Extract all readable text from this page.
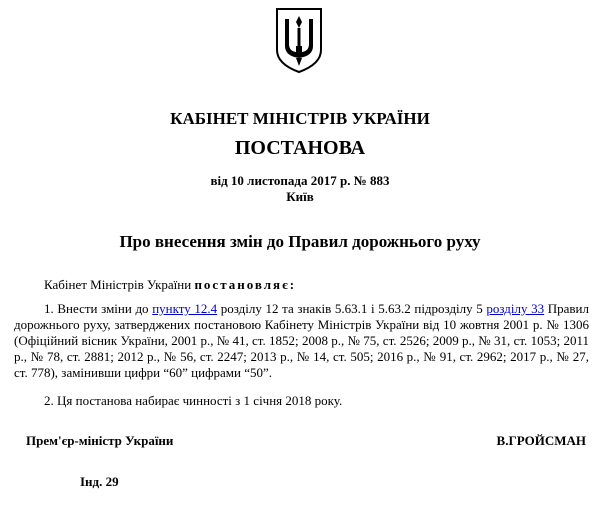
КАБІНЕТ МІНІСТРІВ УКРАЇНИ
ПОСТАНОВА
від 10 листопада 2017 р. № 883
Київ
Про внесення змін до Правил дорожнього руху
Кабінет Міністрів України постановляє:
1. Внести зміни до пункту 12.4 розділу 12 та знаків 5.63.1 і 5.63.2 підрозділу 5 розділу 33 Правил дорожнього руху, затверджених постановою Кабінету Міністрів України від 10 жовтня 2001 р. № 1306 (Офіційний вісник України, 2001 р., № 41, ст. 1852; 2008 р., № 75, ст. 2526; 2009 р., № 31, ст. 1053; 2011 р., № 78, ст. 2881; 2012 р., № 56, ст. 2247; 2013 р., № 14, ст. 505; 2016 р., № 91, ст. 2962; 2017 р., № 27, ст. 778), замінивши цифри “60” цифрами “50”.
2. Ця постанова набирає чинності з 1 січня 2018 року.
Прем'єр-міністр України	В.ГРОЙСМАН
Інд. 29
